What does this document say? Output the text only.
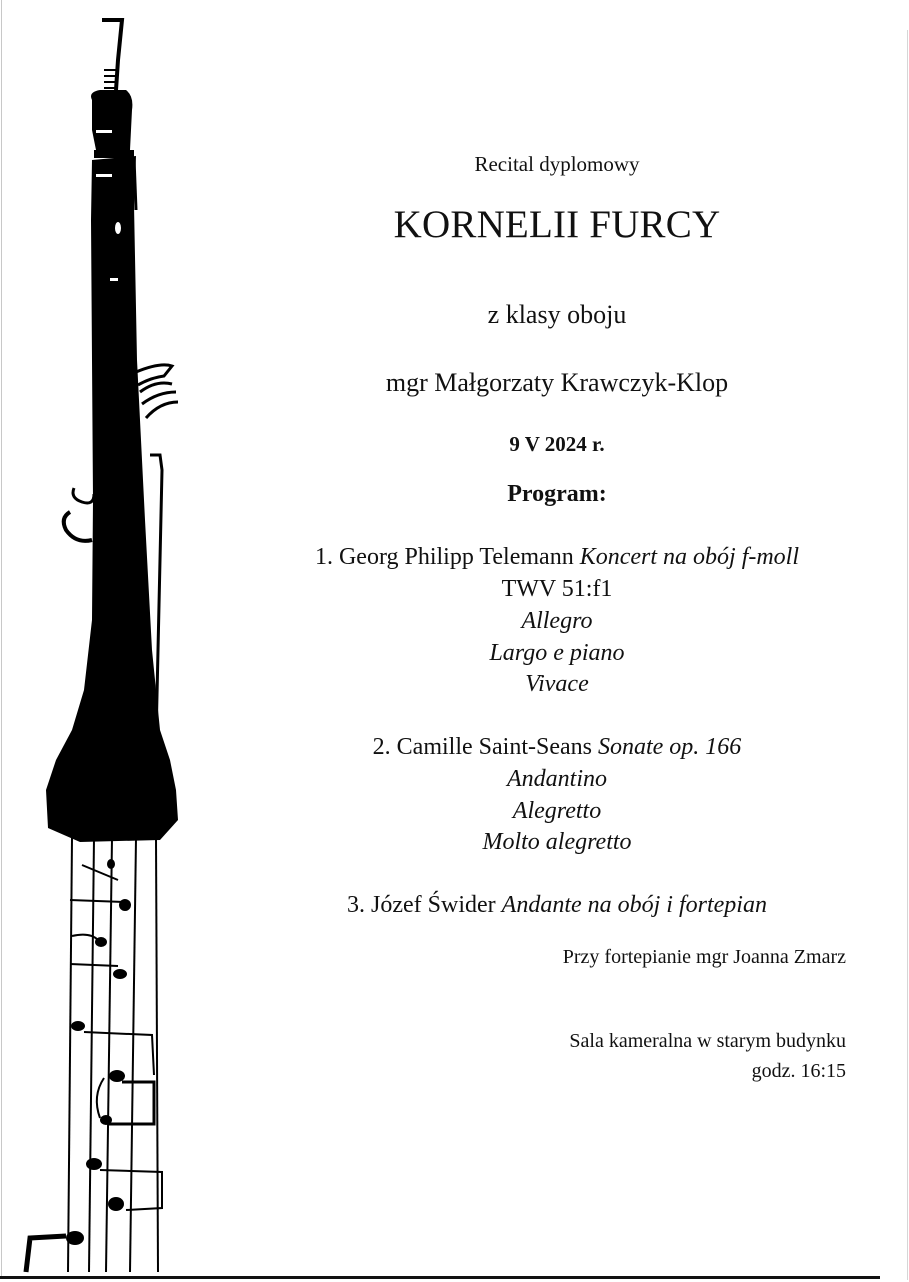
Recital dyplomowy
KORNELII FURCY
z klasy oboju
mgr Małgorzaty Krawczyk-Klop
9 V 2024 r.
Program:
1. Georg Philipp Telemann Koncert na obój f-moll
TWV 51:f1
Allegro
Largo e piano
Vivace
2. Camille Saint-Seans Sonate op. 166
Andantino
Alegretto
Molto alegretto
3. Józef Świder Andante na obój i fortepian
Przy fortepianie mgr Joanna Zmarz
Sala kameralna w starym budynku
godz. 16:15
